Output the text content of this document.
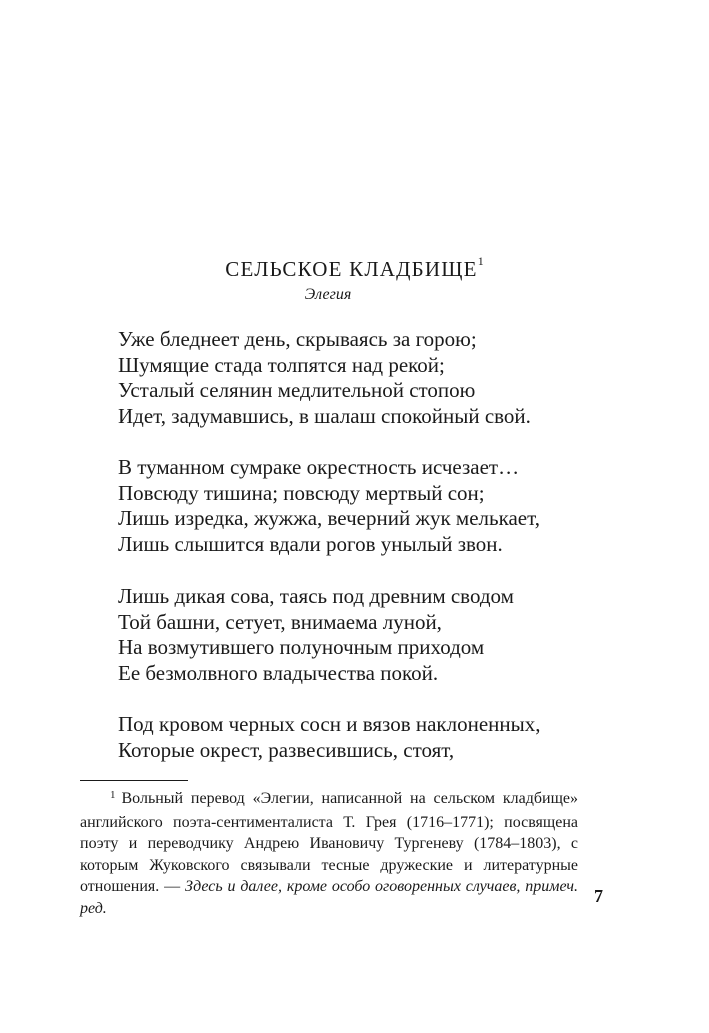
СЕЛЬСКОЕ КЛАДБИЩЕ$^1$
Элегия
Уже бледнеет день, скрываясь за горою;
Шумящие стада толпятся над рекой;
Усталый селянин медлительной стопою
Идет, задумавшись, в шалаш спокойный свой.
В туманном сумраке окрестность исчезает…
Повсюду тишина; повсюду мертвый сон;
Лишь изредка, жужжа, вечерний жук мелькает,
Лишь слышится вдали рогов унылый звон.
Лишь дикая сова, таясь под древним сводом
Той башни, сетует, внимаема луной,
На возмутившего полуночным приходом
Ее безмолвного владычества покой.
Под кровом черных сосн и вязов наклоненных,
Которые окрест, развесившись, стоят,
$^1$ Вольный перевод «Элегии, написанной на сельском кладбище» английского поэта-сентименталиста Т. Грея (1716–1771); посвящена поэту и переводчику Андрею Ивановичу Тургеневу (1784–1803), с которым Жуковского связывали тесные дружеские и литературные отношения. — Здесь и далее, кроме особо оговоренных случаев, примеч. ред.
7
